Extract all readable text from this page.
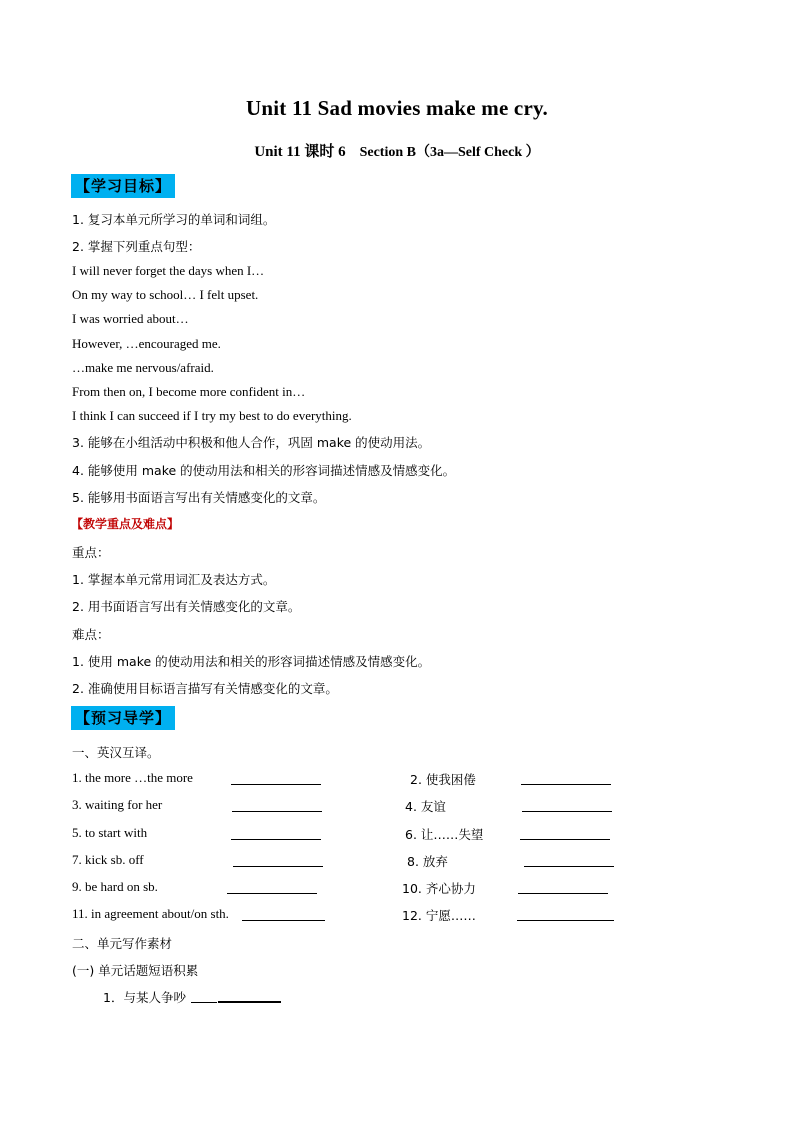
Unit 11 Sad movies make me cry.
Unit 11 课时 6 Section B（3a—Self Check ）
【学习目标】
1. 复习本单元所学习的单词和词组。
2. 掌握下列重点句型：
I will never forget the days when I…
On my way to school… I felt upset.
I was worried about…
However, …encouraged me.
…make me nervous/afraid.
From then on, I become more confident in…
I think I can succeed if I try my best to do everything.
3. 能够在小组活动中积极和他人合作，巩固 make 的使动用法。
4. 能够使用 make 的使动用法和相关的形容词描述情感及情感变化。
5. 能够用书面语言写出有关情感变化的文章。
【教学重点及难点】
重点：
1. 掌握本单元常用词汇及表达方式。
2. 用书面语言写出有关情感变化的文章。
难点：
1. 使用 make 的使动用法和相关的形容词描述情感及情感变化。
2. 准确使用目标语言描写有关情感变化的文章。
【预习导学】
一、英汉互译。
1. the more …the more
3. waiting for her
5. to start with
7. kick sb. off
9. be hard on sb.
11. in agreement about/on sth.
2. 使我困倦
4. 友谊
6. 让……失望
8. 放弃
10. 齐心协力
12. 宁愿……
二、单元写作素材
(一) 单元话题短语积累
1．与某人争吵
